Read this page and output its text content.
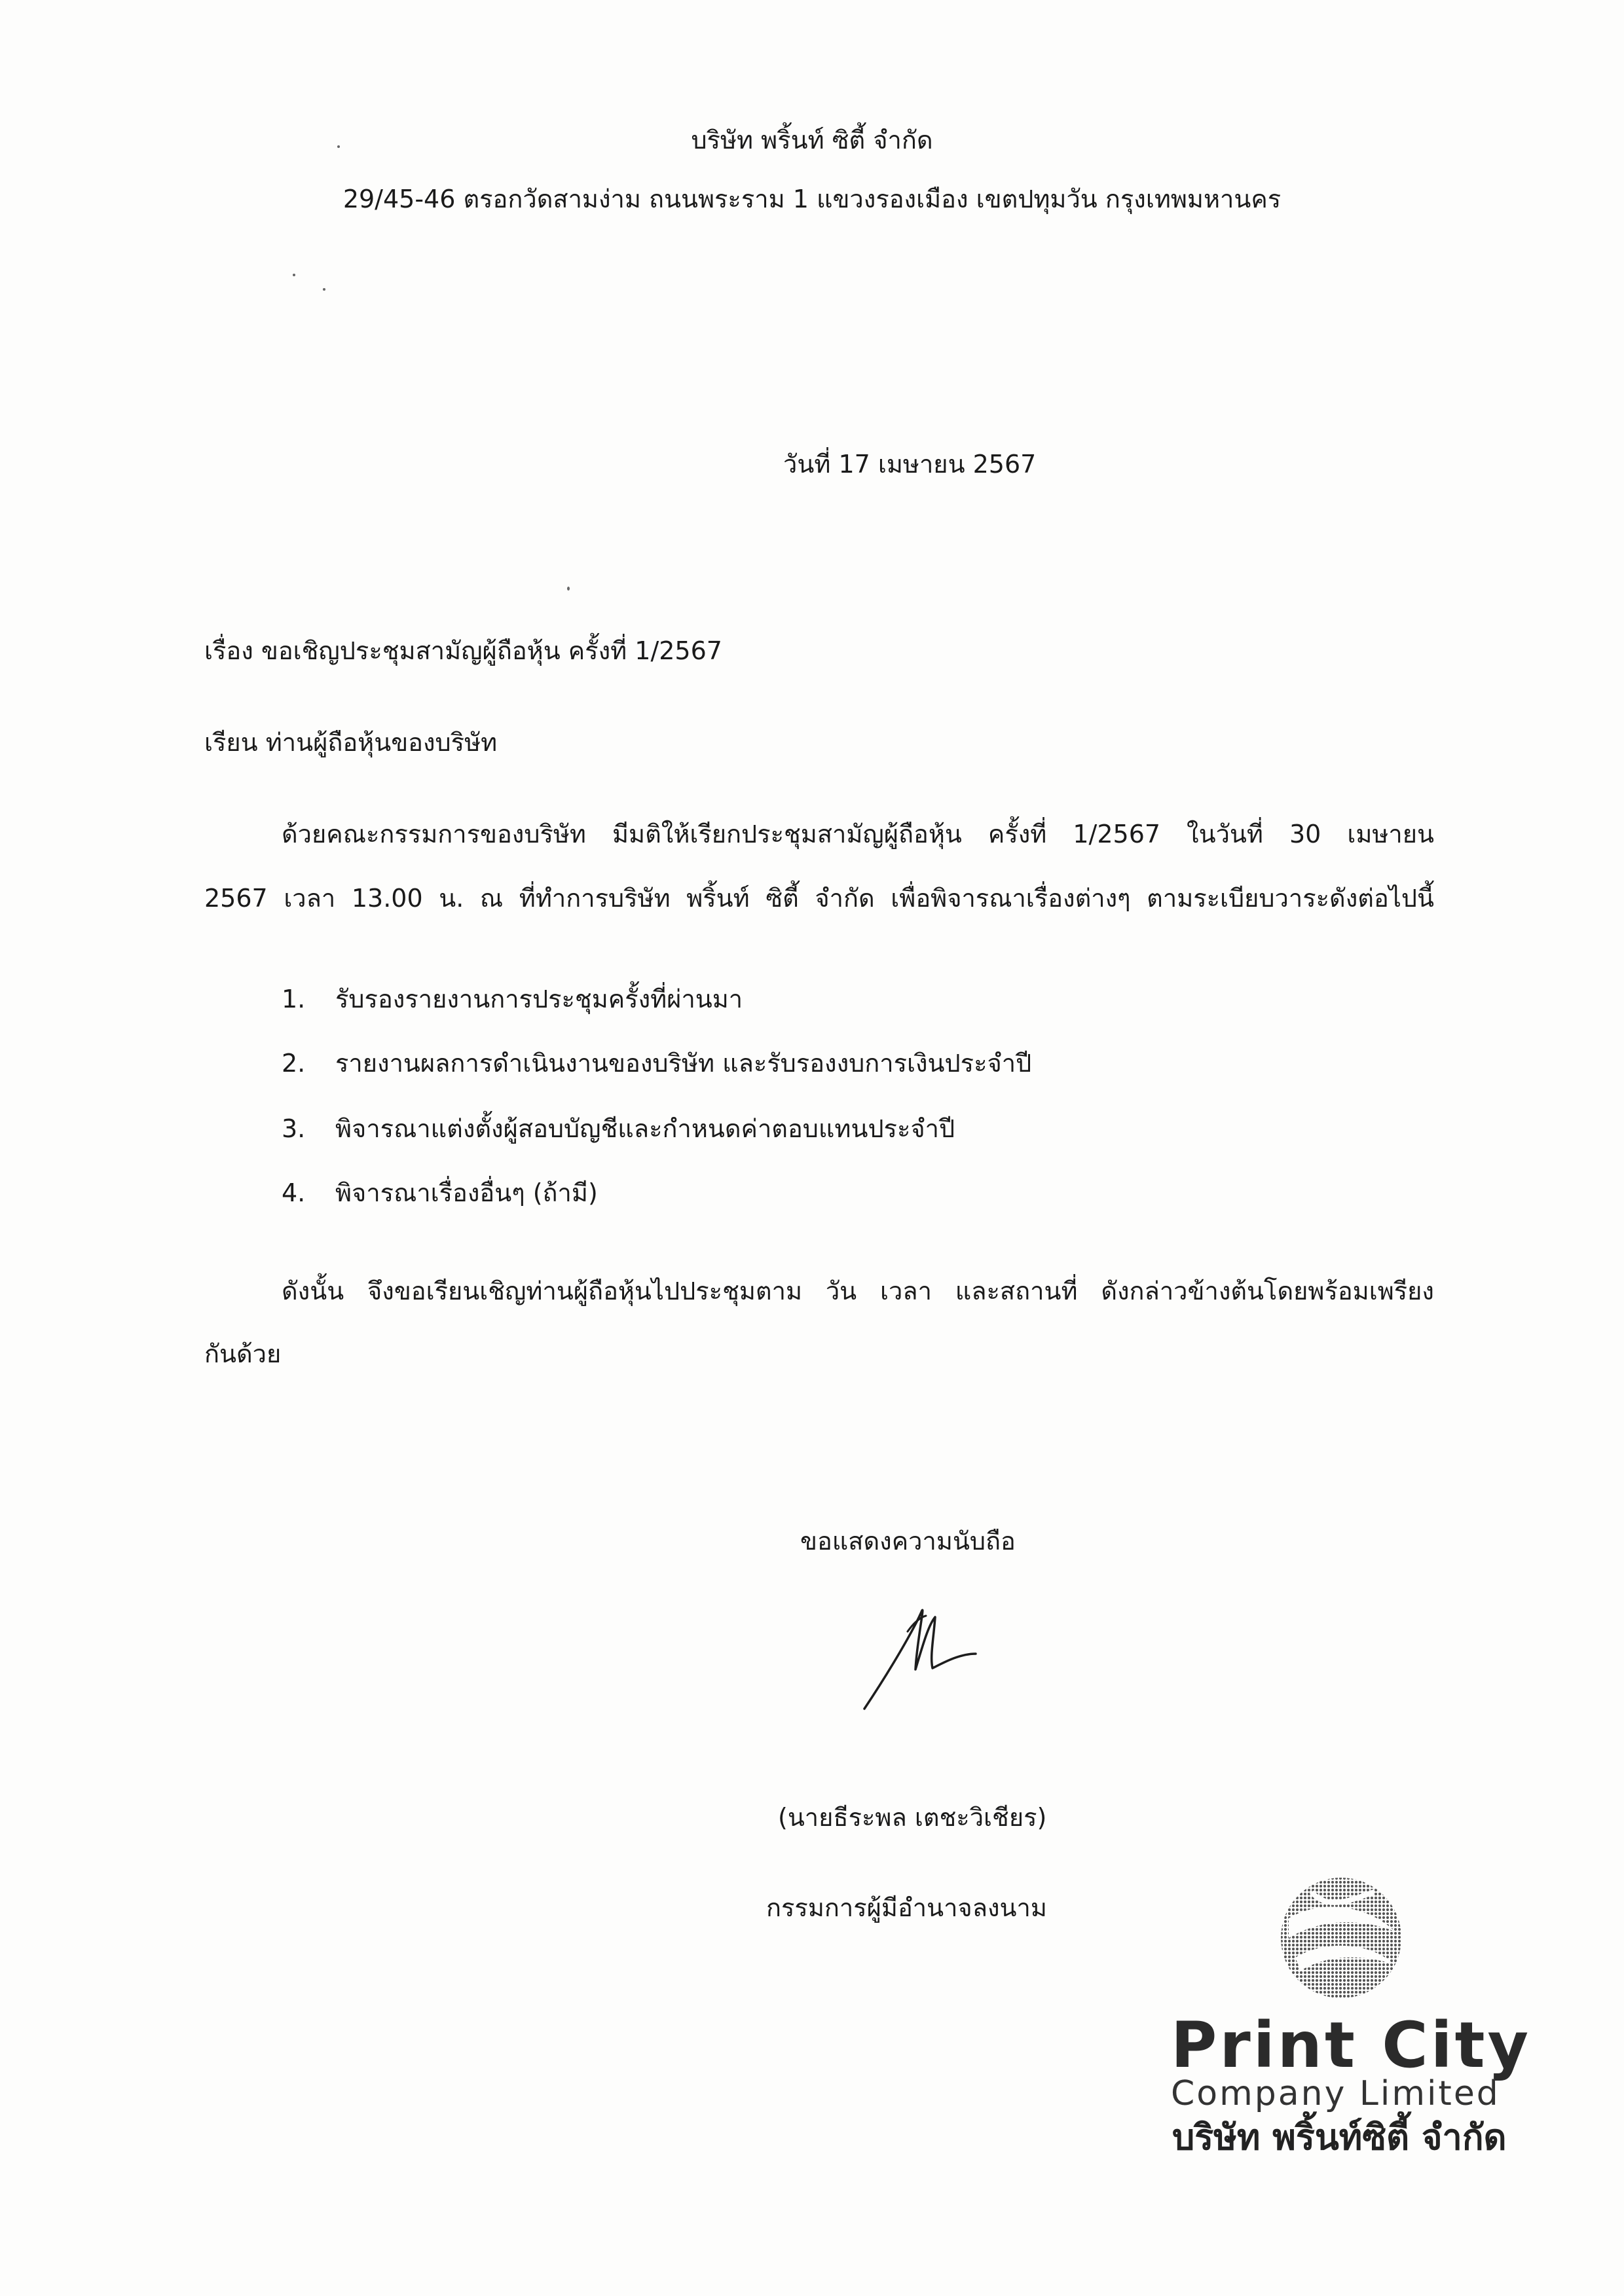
บริษัท พริ้นท์ ซิตี้ จำกัด
29/45-46 ตรอกวัดสามง่าม ถนนพระราม 1 แขวงรองเมือง เขตปทุมวัน กรุงเทพมหานคร
วันที่ 17 เมษายน 2567
เรื่อง ขอเชิญประชุมสามัญผู้ถือหุ้น ครั้งที่ 1/2567
เรียน ท่านผู้ถือหุ้นของบริษัท
ด้วยคณะกรรมการของบริษัท มีมติให้เรียกประชุมสามัญผู้ถือหุ้น ครั้งที่ 1/2567 ในวันที่ 30 เมษายน
2567 เวลา 13.00 น. ณ ที่ทำการบริษัท พริ้นท์ ซิตี้ จำกัด เพื่อพิจารณาเรื่องต่างๆ ตามระเบียบวาระดังต่อไปนี้
1. รับรองรายงานการประชุมครั้งที่ผ่านมา
2. รายงานผลการดำเนินงานของบริษัท และรับรองงบการเงินประจำปี
3. พิจารณาแต่งตั้งผู้สอบบัญชีและกำหนดค่าตอบแทนประจำปี
4. พิจารณาเรื่องอื่นๆ (ถ้ามี)
ดังนั้น จึงขอเรียนเชิญท่านผู้ถือหุ้นไปประชุมตาม วัน เวลา และสถานที่ ดังกล่าวข้างต้นโดยพร้อมเพรียง
กันด้วย
ขอแสดงความนับถือ
(นายธีระพล เตชะวิเชียร)
กรรมการผู้มีอำนาจลงนาม
Print City
Company Limited
บริษัท พริ้นท์ซิตี้ จำกัด
